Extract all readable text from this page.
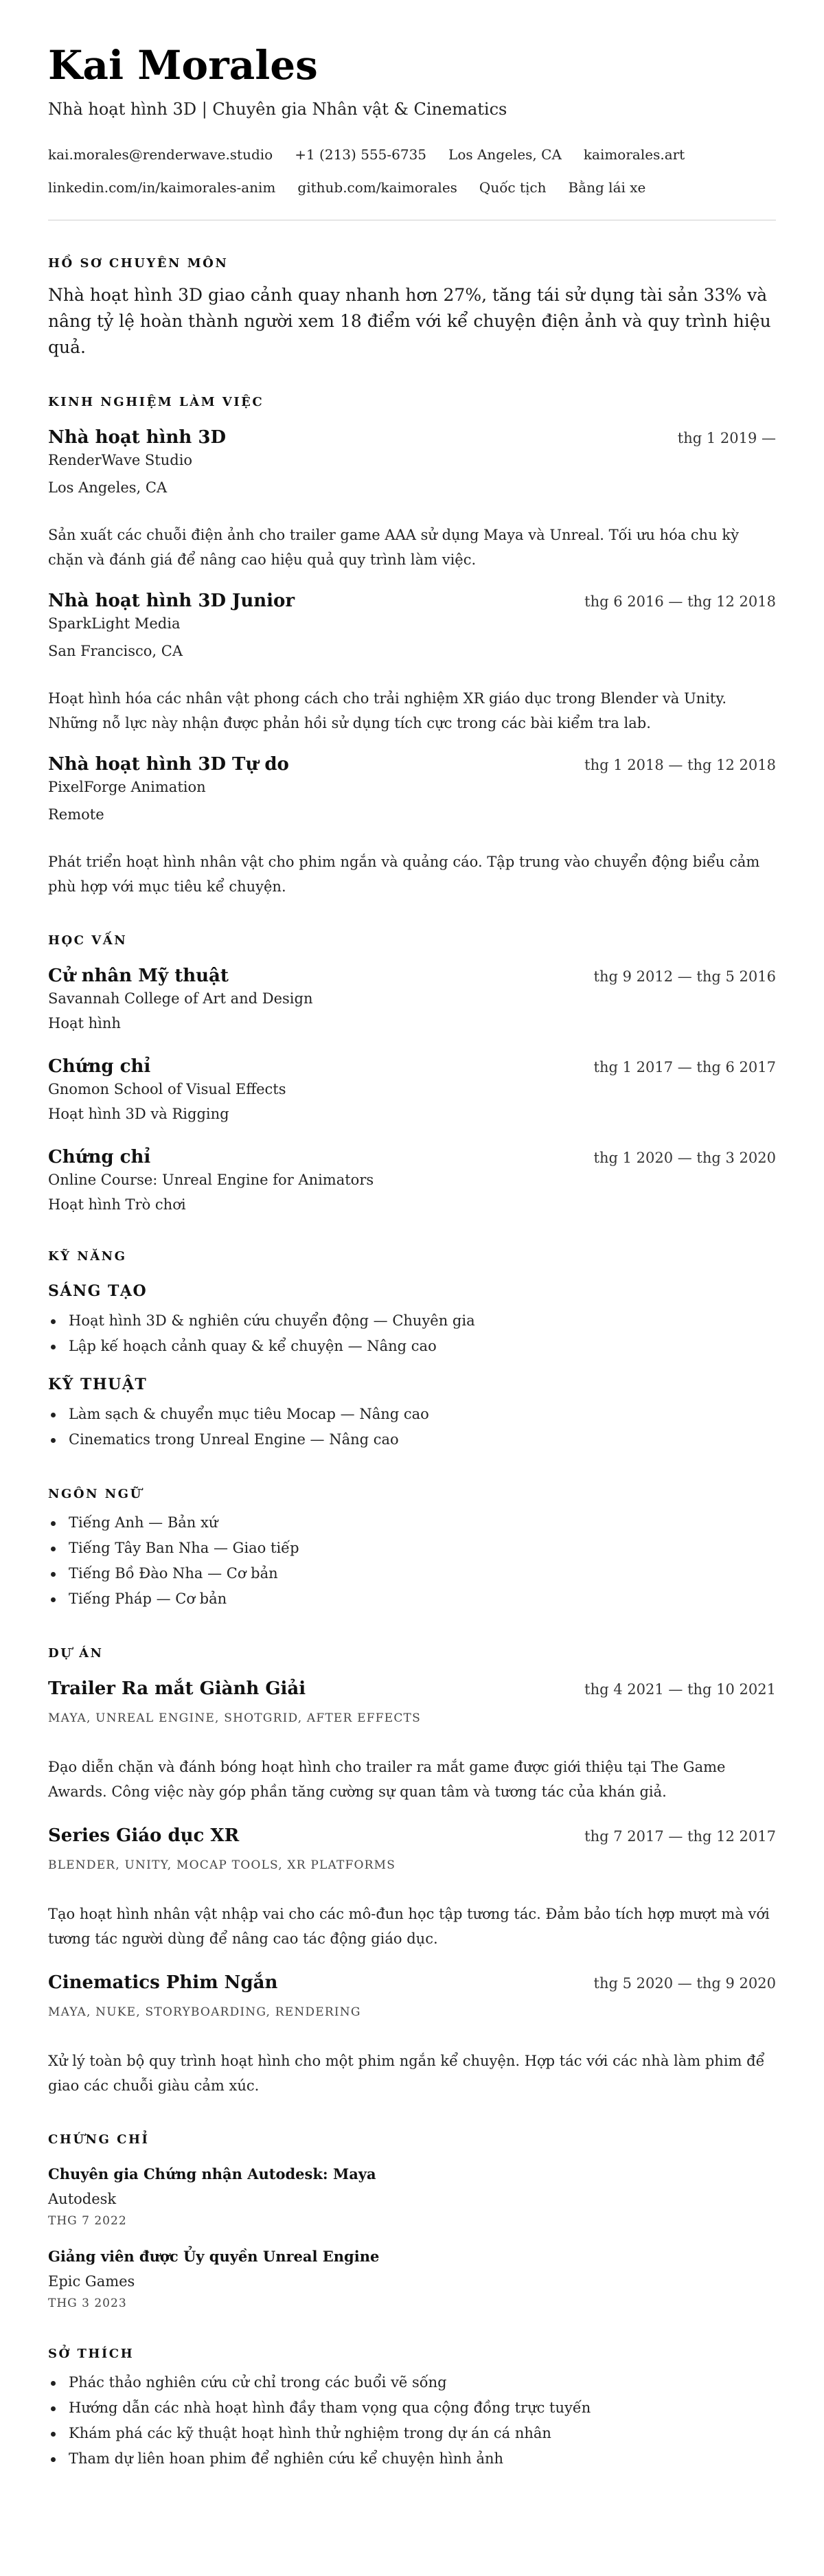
Kai Morales
Nhà hoạt hình 3D | Chuyên gia Nhân vật & Cinematics
kai.morales@renderwave.studio +1 (213) 555-6735 Los Angeles, CA kaimorales.art
linkedin.com/in/kaimorales-anim github.com/kaimorales Quốc tịch Bằng lái xe
HỒ SƠ CHUYÊN MÔN

Nhà hoạt hình 3D giao cảnh quay nhanh hơn 27%, tăng tái sử dụng tài sản 33% và nâng tỷ lệ hoàn thành người xem 18 điểm với kể chuyện điện ảnh và quy trình hiệu quả.

KINH NGHIỆM LÀM VIỆC
Nhà hoạt hình 3D	thg 1 2019 —
RenderWave Studio
Los Angeles, CA

Sản xuất các chuỗi điện ảnh cho trailer game AAA sử dụng Maya và Unreal. Tối ưu hóa chu kỳ chặn và đánh giá để nâng cao hiệu quả quy trình làm việc.

Nhà hoạt hình 3D Junior	thg 6 2016 — thg 12 2018
SparkLight Media
San Francisco, CA

Hoạt hình hóa các nhân vật phong cách cho trải nghiệm XR giáo dục trong Blender và Unity. Những nỗ lực này nhận được phản hồi sử dụng tích cực trong các bài kiểm tra lab.

Nhà hoạt hình 3D Tự do	thg 1 2018 — thg 12 2018
PixelForge Animation
Remote

Phát triển hoạt hình nhân vật cho phim ngắn và quảng cáo. Tập trung vào chuyển động biểu cảm phù hợp với mục tiêu kể chuyện.

HỌC VẤN
Cử nhân Mỹ thuật	thg 9 2012 — thg 5 2016
Savannah College of Art and Design
Hoạt hình
Chứng chỉ	thg 1 2017 — thg 6 2017
Gnomon School of Visual Effects
Hoạt hình 3D và Rigging
Chứng chỉ	thg 1 2020 — thg 3 2020
Online Course: Unreal Engine for Animators
Hoạt hình Trò chơi
KỸ NĂNG
SÁNG TẠO
Hoạt hình 3D & nghiên cứu chuyển động — Chuyên gia
Lập kế hoạch cảnh quay & kể chuyện — Nâng cao
KỸ THUẬT
Làm sạch & chuyển mục tiêu Mocap — Nâng cao
Cinematics trong Unreal Engine — Nâng cao
NGÔN NGỮ
Tiếng Anh — Bản xứ
Tiếng Tây Ban Nha — Giao tiếp
Tiếng Bồ Đào Nha — Cơ bản
Tiếng Pháp — Cơ bản
DỰ ÁN
Trailer Ra mắt Giành Giải	thg 4 2021 — thg 10 2021
MAYA, UNREAL ENGINE, SHOTGRID, AFTER EFFECTS

Đạo diễn chặn và đánh bóng hoạt hình cho trailer ra mắt game được giới thiệu tại The Game Awards. Công việc này góp phần tăng cường sự quan tâm và tương tác của khán giả.

Series Giáo dục XR	thg 7 2017 — thg 12 2017
BLENDER, UNITY, MOCAP TOOLS, XR PLATFORMS

Tạo hoạt hình nhân vật nhập vai cho các mô-đun học tập tương tác. Đảm bảo tích hợp mượt mà với tương tác người dùng để nâng cao tác động giáo dục.

Cinematics Phim Ngắn	thg 5 2020 — thg 9 2020
MAYA, NUKE, STORYBOARDING, RENDERING

Xử lý toàn bộ quy trình hoạt hình cho một phim ngắn kể chuyện. Hợp tác với các nhà làm phim để giao các chuỗi giàu cảm xúc.

CHỨNG CHỈ
Chuyên gia Chứng nhận Autodesk: Maya
Autodesk
THG 7 2022
Giảng viên được Ủy quyền Unreal Engine
Epic Games
THG 3 2023
SỞ THÍCH
Phác thảo nghiên cứu cử chỉ trong các buổi vẽ sống
Hướng dẫn các nhà hoạt hình đầy tham vọng qua cộng đồng trực tuyến
Khám phá các kỹ thuật hoạt hình thử nghiệm trong dự án cá nhân
Tham dự liên hoan phim để nghiên cứu kể chuyện hình ảnh
